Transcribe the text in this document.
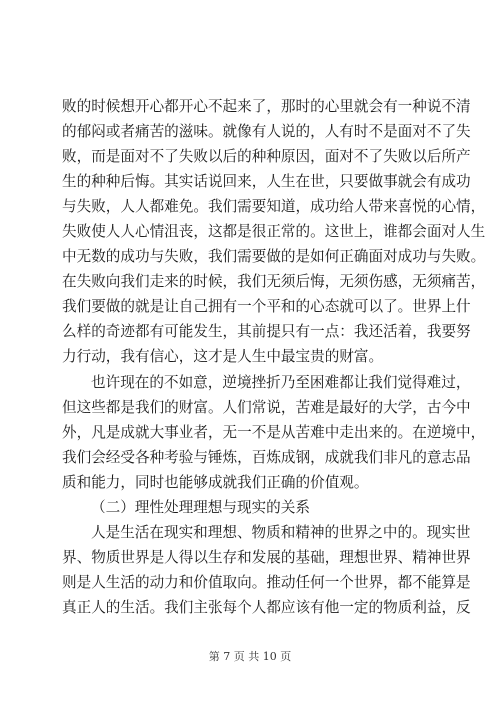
败的时候想开心都开心不起来了，那时的心里就会有一种说不清
的郁闷或者痛苦的滋味。就像有人说的，人有时不是面对不了失
败，而是面对不了失败以后的种种原因，面对不了失败以后所产
生的种种后悔。其实话说回来，人生在世，只要做事就会有成功
与失败，人人都难免。我们需要知道，成功给人带来喜悦的心情，
失败使人人心情沮丧，这都是很正常的。这世上，谁都会面对人生
中无数的成功与失败，我们需要做的是如何正确面对成功与失败。
在失败向我们走来的时候，我们无须后悔，无须伤感，无须痛苦，
我们要做的就是让自己拥有一个平和的心态就可以了。世界上什
么样的奇迹都有可能发生，其前提只有一点：我还活着，我要努
力行动，我有信心，这才是人生中最宝贵的财富。
也许现在的不如意，逆境挫折乃至困难都让我们觉得难过，
但这些都是我们的财富。人们常说，苦难是最好的大学，古今中
外，凡是成就大事业者，无一不是从苦难中走出来的。在逆境中，
我们会经受各种考验与锤炼，百炼成钢，成就我们非凡的意志品
质和能力，同时也能够成就我们正确的价值观。
（二）理性处理理想与现实的关系
人是生活在现实和理想、物质和精神的世界之中的。现实世
界、物质世界是人得以生存和发展的基础，理想世界、精神世界
则是人生活的动力和价值取向。推动任何一个世界，都不能算是
真正人的生活。我们主张每个人都应该有他一定的物质利益，反
第 7 页 共 10 页
